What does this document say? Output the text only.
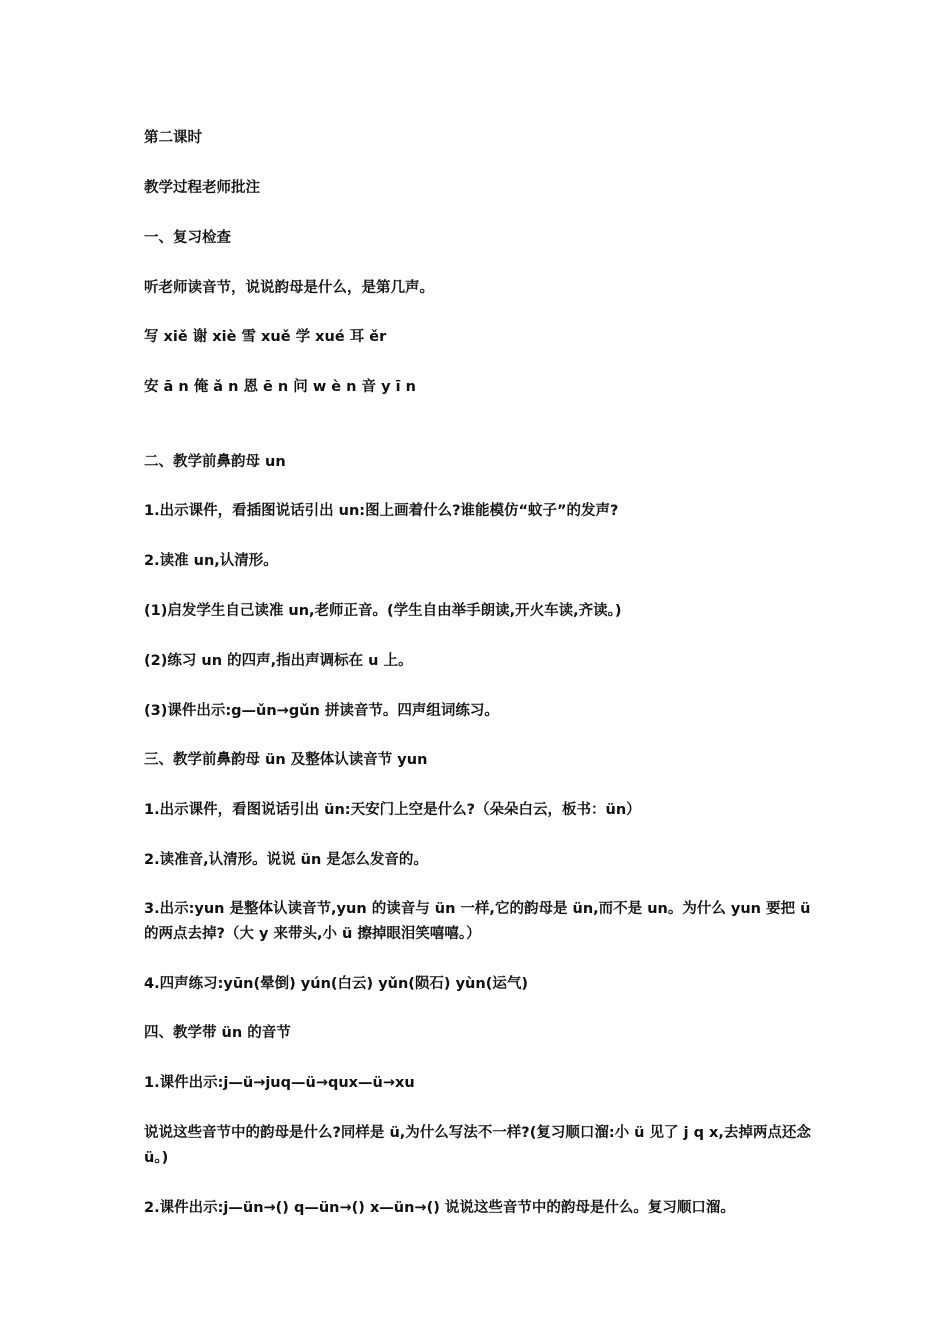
第二课时
教学过程老师批注
一、复习检查
听老师读音节，说说韵母是什么，是第几声。
写 xiě 谢 xiè 雪 xuě 学 xué 耳 ěr
安 ā n 俺 ǎ n 恩 ē n 问 w è n 音 y ī n
二、教学前鼻韵母 un
1.出示课件，看插图说话引出 un:图上画着什么?谁能模仿“蚊子”的发声?
2.读准 un,认清形。
(1)启发学生自己读准 un,老师正音。(学生自由举手朗读,开火车读,齐读。)
(2)练习 un 的四声,指出声调标在 u 上。
(3)课件出示:g—ǔn→gǔn 拼读音节。四声组词练习。
三、教学前鼻韵母 ün 及整体认读音节 yun
1.出示课件，看图说话引出 ün:天安门上空是什么?（朵朵白云，板书：ün）
2.读准音,认清形。说说 ün 是怎么发音的。
3.出示:yun 是整体认读音节,yun 的读音与 ün 一样,它的韵母是 ün,而不是 un。为什么 yun 要把 ü 的两点去掉?（大 y 来带头,小 ü 擦掉眼泪笑嘻嘻。）
4.四声练习:yūn(晕倒) yún(白云) yǔn(陨石) yùn(运气)
四、教学带 ün 的音节
1.课件出示:j—ü→juq—ü→qux—ü→xu
说说这些音节中的韵母是什么?同样是 ü,为什么写法不一样?(复习顺口溜:小 ü 见了 j q x,去掉两点还念 ü。)
2.课件出示:j—ün→() q—ün→() x—ün→() 说说这些音节中的韵母是什么。复习顺口溜。
